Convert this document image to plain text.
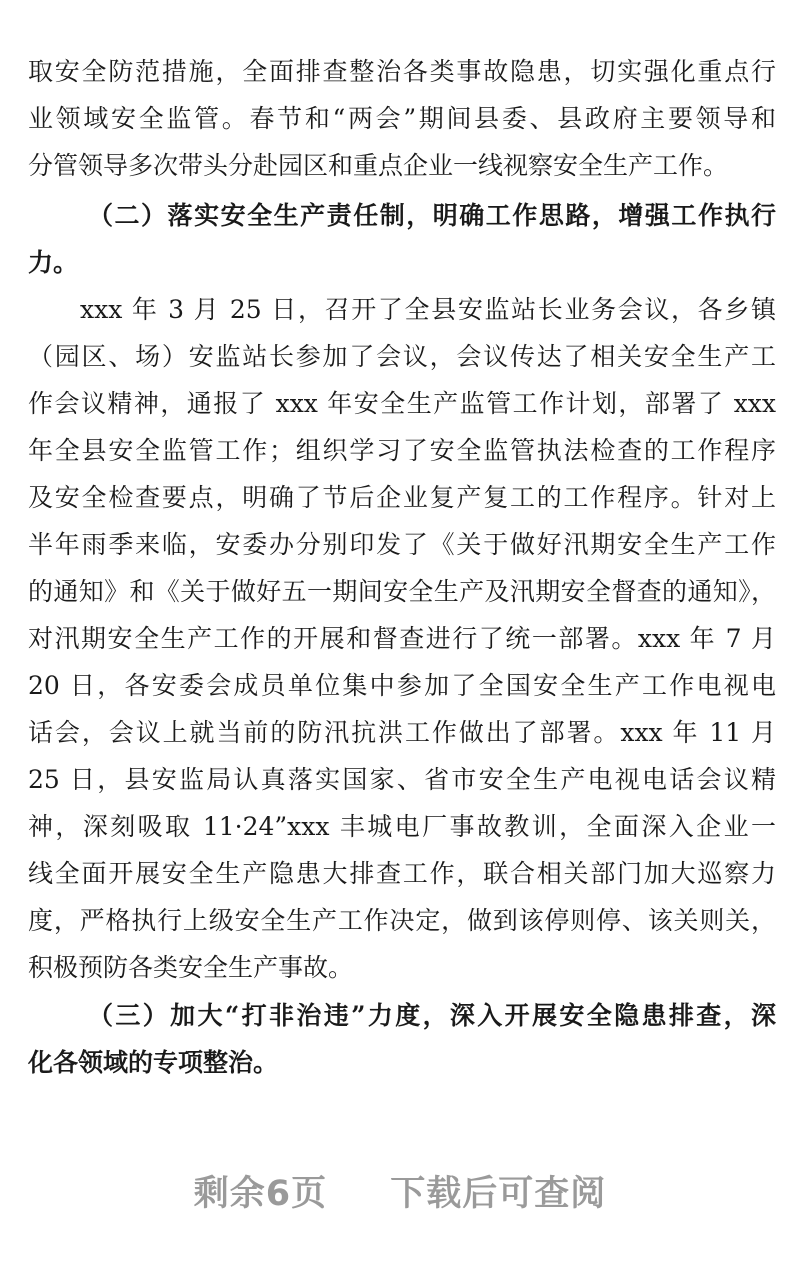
取安全防范措施，全面排查整治各类事故隐患，切实强化重点行
业领域安全监管。春节和“两会”期间县委、县政府主要领导和
分管领导多次带头分赴园区和重点企业一线视察安全生产工作。
（二）落实安全生产责任制，明确工作思路，增强工作执行
力。
xxx 年 3 月 25 日，召开了全县安监站长业务会议，各乡镇
（园区、场）安监站长参加了会议，会议传达了相关安全生产工
作会议精神，通报了 xxx 年安全生产监管工作计划，部署了 xxx
年全县安全监管工作；组织学习了安全监管执法检查的工作程序
及安全检查要点，明确了节后企业复产复工的工作程序。针对上
半年雨季来临，安委办分别印发了《关于做好汛期安全生产工作
的通知》和《关于做好五一期间安全生产及汛期安全督查的通知》，
对汛期安全生产工作的开展和督查进行了统一部署。xxx 年 7 月
20 日，各安委会成员单位集中参加了全国安全生产工作电视电
话会，会议上就当前的防汛抗洪工作做出了部署。xxx 年 11 月
25 日，县安监局认真落实国家、省市安全生产电视电话会议精
神，深刻吸取 11·24”xxx 丰城电厂事故教训，全面深入企业一
线全面开展安全生产隐患大排查工作，联合相关部门加大巡察力
度，严格执行上级安全生产工作决定，做到该停则停、该关则关，
积极预防各类安全生产事故。
（三）加大“打非治违”力度，深入开展安全隐患排查，深
化各领域的专项整治。
剩余6页 下载后可查阅
